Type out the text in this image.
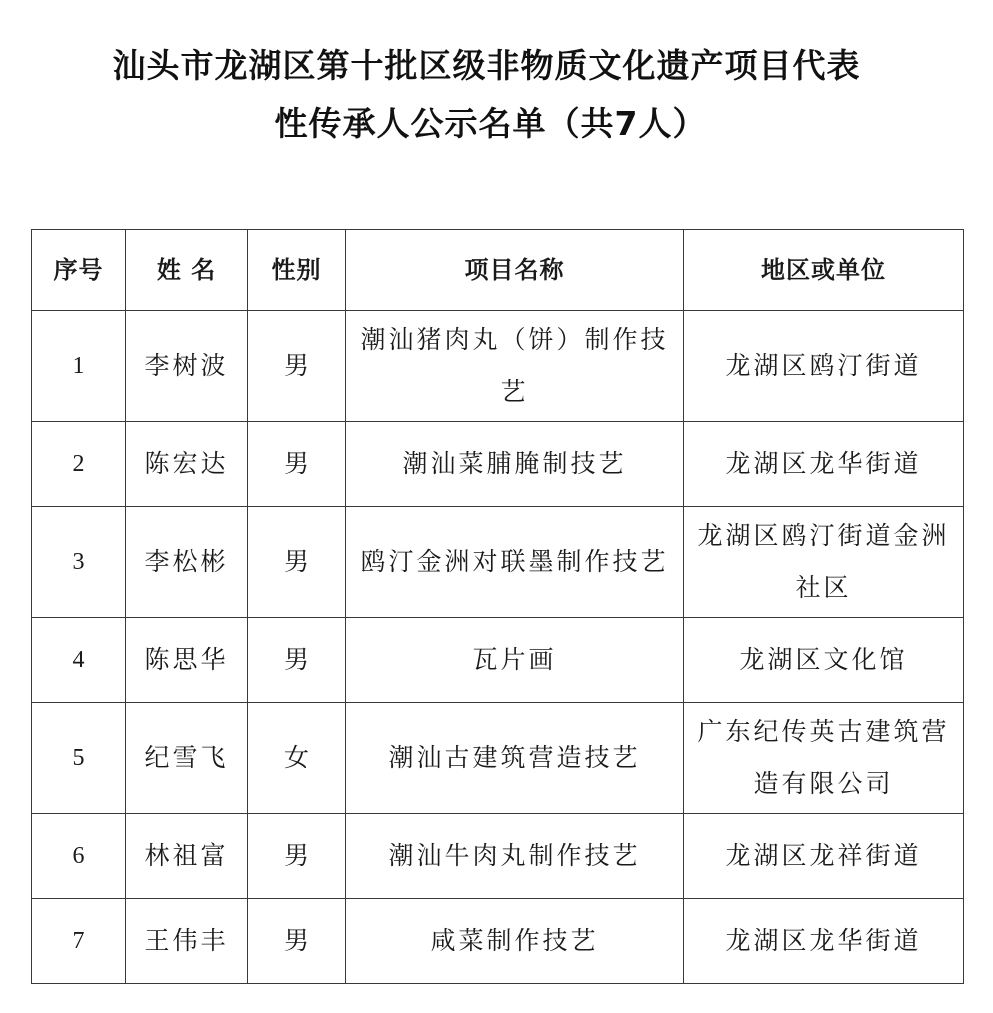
汕头市龙湖区第十批区级非物质文化遗产项目代表
性传承人公示名单（共7人）
序号	姓 名	性别	项目名称	地区或单位
1	李树波	男	潮汕猪肉丸（饼）制作技艺	龙湖区鸥汀街道
2	陈宏达	男	潮汕菜脯腌制技艺	龙湖区龙华街道
3	李松彬	男	鸥汀金洲对联墨制作技艺	龙湖区鸥汀街道金洲社区
4	陈思华	男	瓦片画	龙湖区文化馆
5	纪雪飞	女	潮汕古建筑营造技艺	广东纪传英古建筑营造有限公司
6	林祖富	男	潮汕牛肉丸制作技艺	龙湖区龙祥街道
7	王伟丰	男	咸菜制作技艺	龙湖区龙华街道
